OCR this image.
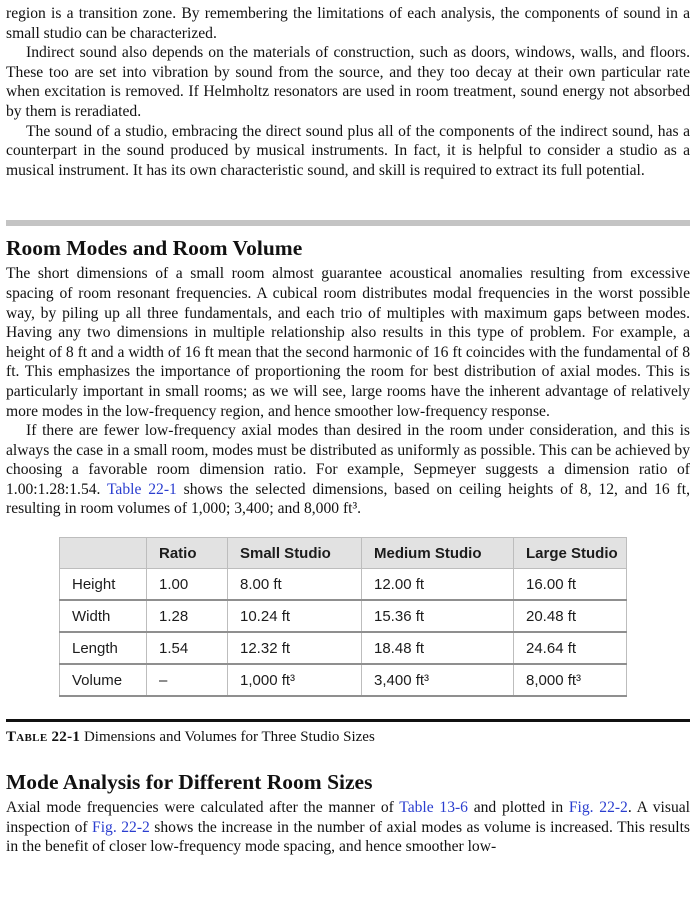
region is a transition zone. By remembering the limitations of each analysis, the components of sound in a small studio can be characterized.

Indirect sound also depends on the materials of construction, such as doors, windows, walls, and floors. These too are set into vibration by sound from the source, and they too decay at their own particular rate when excitation is removed. If Helmholtz resonators are used in room treatment, sound energy not absorbed by them is reradiated.

The sound of a studio, embracing the direct sound plus all of the components of the indirect sound, has a counterpart in the sound produced by musical instruments. In fact, it is helpful to consider a studio as a musical instrument. It has its own characteristic sound, and skill is required to extract its full potential.

Room Modes and Room Volume

The short dimensions of a small room almost guarantee acoustical anomalies resulting from excessive spacing of room resonant frequencies. A cubical room distributes modal frequencies in the worst possible way, by piling up all three fundamentals, and each trio of multiples with maximum gaps between modes. Having any two dimensions in multiple relationship also results in this type of problem. For example, a height of 8 ft and a width of 16 ft mean that the second harmonic of 16 ft coincides with the fundamental of 8 ft. This emphasizes the importance of proportioning the room for best distribution of axial modes. This is particularly important in small rooms; as we will see, large rooms have the inherent advantage of relatively more modes in the low-frequency region, and hence smoother low-frequency response.

If there are fewer low-frequency axial modes than desired in the room under consideration, and this is always the case in a small room, modes must be distributed as uniformly as possible. This can be achieved by choosing a favorable room dimension ratio. For example, Sepmeyer suggests a dimension ratio of 1.00:1.28:1.54. Table 22-1 shows the selected dimensions, based on ceiling heights of 8, 12, and 16 ft, resulting in room volumes of 1,000; 3,400; and 8,000 ft³.

	Ratio	Small Studio	Medium Studio	Large Studio
Height	1.00	8.00 ft	12.00 ft	16.00 ft
Width	1.28	10.24 ft	15.36 ft	20.48 ft
Length	1.54	12.32 ft	18.48 ft	24.64 ft
Volume	–	1,000 ft³	3,400 ft³	8,000 ft³
Table 22-1 Dimensions and Volumes for Three Studio Sizes
Mode Analysis for Different Room Sizes

Axial mode frequencies were calculated after the manner of Table 13-6 and plotted in Fig. 22-2. A visual inspection of Fig. 22-2 shows the increase in the number of axial modes as volume is increased. This results in the benefit of closer low-frequency mode spacing, and hence smoother low-
